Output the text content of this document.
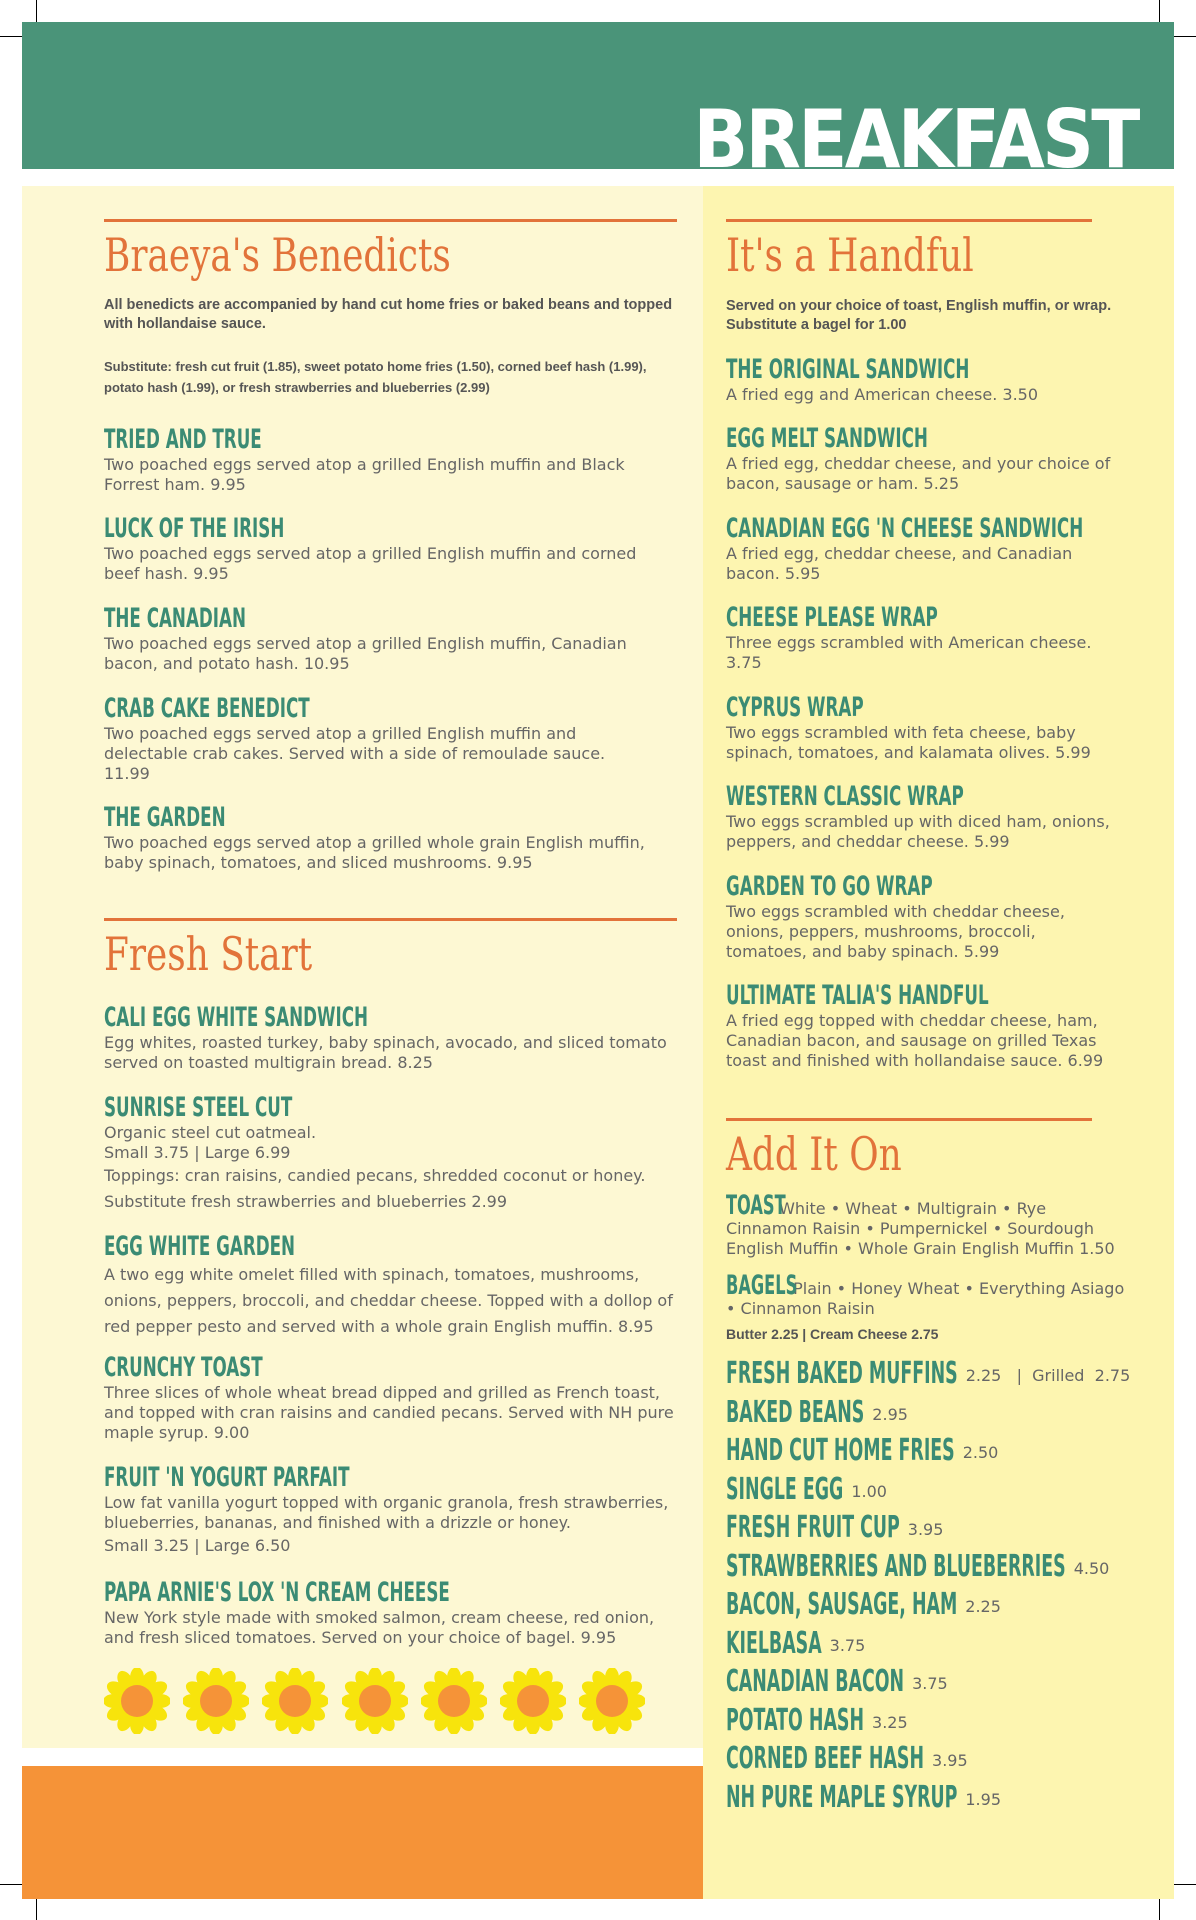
BREAKFAST
Braeya's Benedicts
All benedicts are accompanied by hand cut home fries or baked beans and topped with hollandaise sauce.
Substitute: fresh cut fruit (1.85), sweet potato home fries (1.50), corned beef hash (1.99), potato hash (1.99), or fresh strawberries and blueberries (2.99)
TRIED AND TRUE
Two poached eggs served atop a grilled English muffin and Black Forrest ham. 9.95
LUCK OF THE IRISH
Two poached eggs served atop a grilled English muffin and corned beef hash. 9.95
THE CANADIAN
Two poached eggs served atop a grilled English muffin, Canadian bacon, and potato hash. 10.95
CRAB CAKE BENEDICT
Two poached eggs served atop a grilled English muffin and delectable crab cakes. Served with a side of remoulade sauce. 11.99
THE GARDEN
Two poached eggs served atop a grilled whole grain English muffin, baby spinach, tomatoes, and sliced mushrooms. 9.95
Fresh Start
CALI EGG WHITE SANDWICH
Egg whites, roasted turkey, baby spinach, avocado, and sliced tomato served on toasted multigrain bread. 8.25
SUNRISE STEEL CUT
Organic steel cut oatmeal.
Small 3.75 | Large 6.99
Toppings: cran raisins, candied pecans, shredded coconut or honey.
Substitute fresh strawberries and blueberries 2.99
EGG WHITE GARDEN
A two egg white omelet filled with spinach, tomatoes, mushrooms, onions, peppers, broccoli, and cheddar cheese. Topped with a dollop of red pepper pesto and served with a whole grain English muffin. 8.95
CRUNCHY TOAST
Three slices of whole wheat bread dipped and grilled as French toast, and topped with cran raisins and candied pecans. Served with NH pure maple syrup. 9.00
FRUIT 'N YOGURT PARFAIT
Low fat vanilla yogurt topped with organic granola, fresh strawberries, blueberries, bananas, and finished with a drizzle or honey.
Small 3.25 | Large 6.50
PAPA ARNIE'S LOX 'N CREAM CHEESE
New York style made with smoked salmon, cream cheese, red onion, and fresh sliced tomatoes. Served on your choice of bagel. 9.95
It's a Handful
Served on your choice of toast, English muffin, or wrap. Substitute a bagel for 1.00
THE ORIGINAL SANDWICH
A fried egg and American cheese. 3.50
EGG MELT SANDWICH
A fried egg, cheddar cheese, and your choice of bacon, sausage or ham. 5.25
CANADIAN EGG 'N CHEESE SANDWICH
A fried egg, cheddar cheese, and Canadian bacon. 5.95
CHEESE PLEASE WRAP
Three eggs scrambled with American cheese. 3.75
CYPRUS WRAP
Two eggs scrambled with feta cheese, baby spinach, tomatoes, and kalamata olives. 5.99
WESTERN CLASSIC WRAP
Two eggs scrambled up with diced ham, onions, peppers, and cheddar cheese. 5.99
GARDEN TO GO WRAP
Two eggs scrambled with cheddar cheese, onions, peppers, mushrooms, broccoli, tomatoes, and baby spinach. 5.99
ULTIMATE TALIA'S HANDFUL
A fried egg topped with cheddar cheese, ham, Canadian bacon, and sausage on grilled Texas toast and finished with hollandaise sauce. 6.99
Add It On
TOAST White • Wheat • Multigrain • Rye Cinnamon Raisin • Pumpernickel • Sourdough English Muffin • Whole Grain English Muffin 1.50
BAGELS Plain • Honey Wheat • Everything Asiago • Cinnamon Raisin
Butter 2.25 | Cream Cheese 2.75
FRESH BAKED MUFFINS 2.25   |  Grilled  2.75
BAKED BEANS 2.95
HAND CUT HOME FRIES 2.50
SINGLE EGG 1.00
FRESH FRUIT CUP 3.95
STRAWBERRIES AND BLUEBERRIES 4.50
BACON, SAUSAGE, HAM 2.25
KIELBASA 3.75
CANADIAN BACON 3.75
POTATO HASH 3.25
CORNED BEEF HASH 3.95
NH PURE MAPLE SYRUP 1.95
